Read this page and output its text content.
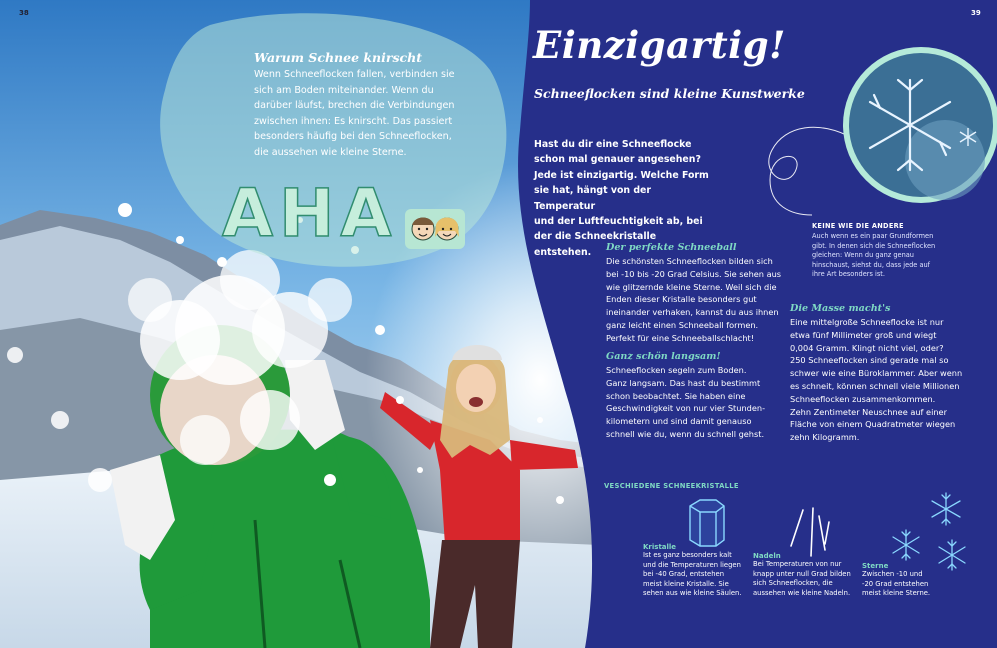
38	39

Warum Schnee knirscht

Wenn Schneeflocken fallen, verbinden sie
sich am Boden miteinander. Wenn du
darüber läufst, brechen die Verbindungen
zwischen ihnen: Es knirscht. Das passiert
besonders häufig bei den Schneeflocken,
die aussehen wie kleine Sterne.
AHA
Einzigartig!
Schneeflocken sind kleine Kunstwerke
Hast du dir eine Schneeflocke
schon mal genauer angesehen?
Jede ist einzigartig. Welche Form
sie hat, hängt von der Temperatur
und der Luftfeuchtigkeit ab, bei
der die Schneekristalle entstehen.	Der perfekte Schneeball
Die schönsten Schneeflocken bilden sich
bei -10 bis -20 Grad Celsius. Sie sehen aus
wie glitzernde kleine Sterne. Weil sich die
Enden dieser Kristalle besonders gut
ineinander verhaken, kannst du aus ihnen
ganz leicht einen Schneeball formen.
Perfekt für eine Schneeballschlacht!
Ganz schön langsam!
Schneeflocken segeln zum Boden.
Ganz langsam. Das hast du bestimmt
schon beobachtet. Sie haben eine
Geschwindigkeit von nur vier Stunden-
kilometern und sind damit genauso
schnell wie du, wenn du schnell gehst.
Die Masse macht's
Eine mittelgroße Schneeflocke ist nur
etwa fünf Millimeter groß und wiegt
0,004 Gramm. Klingt nicht viel, oder?
250 Schneeflocken sind gerade mal so
schwer wie eine Büroklammer. Aber wenn
es schneit, können schnell viele Millionen
Schneeflocken zusammenkommen.
Zehn Zentimeter Neuschnee auf einer
Fläche von einem Quadratmeter wiegen
zehn Kilogramm.

KEINE WIE DIE ANDERE

Auch wenn es ein paar Grundformen
gibt. In denen sich die Schneeflocken
gleichen: Wenn du ganz genau
hinschaust, siehst du, dass jede auf
ihre Art besonders ist.

VESCHIEDENE SCHNEEKRISTALLE

Kristalle
Ist es ganz besonders kalt
und die Temperaturen liegen
bei -40 Grad, entstehen
meist kleine Kristalle. Sie
sehen aus wie kleine Säulen.
Nadeln
Bei Temperaturen von nur
knapp unter null Grad bilden
sich Schneeflocken, die
aussehen wie kleine Nadeln.
Sterne
Zwischen -10 und
-20 Grad entstehen
meist kleine Sterne.
